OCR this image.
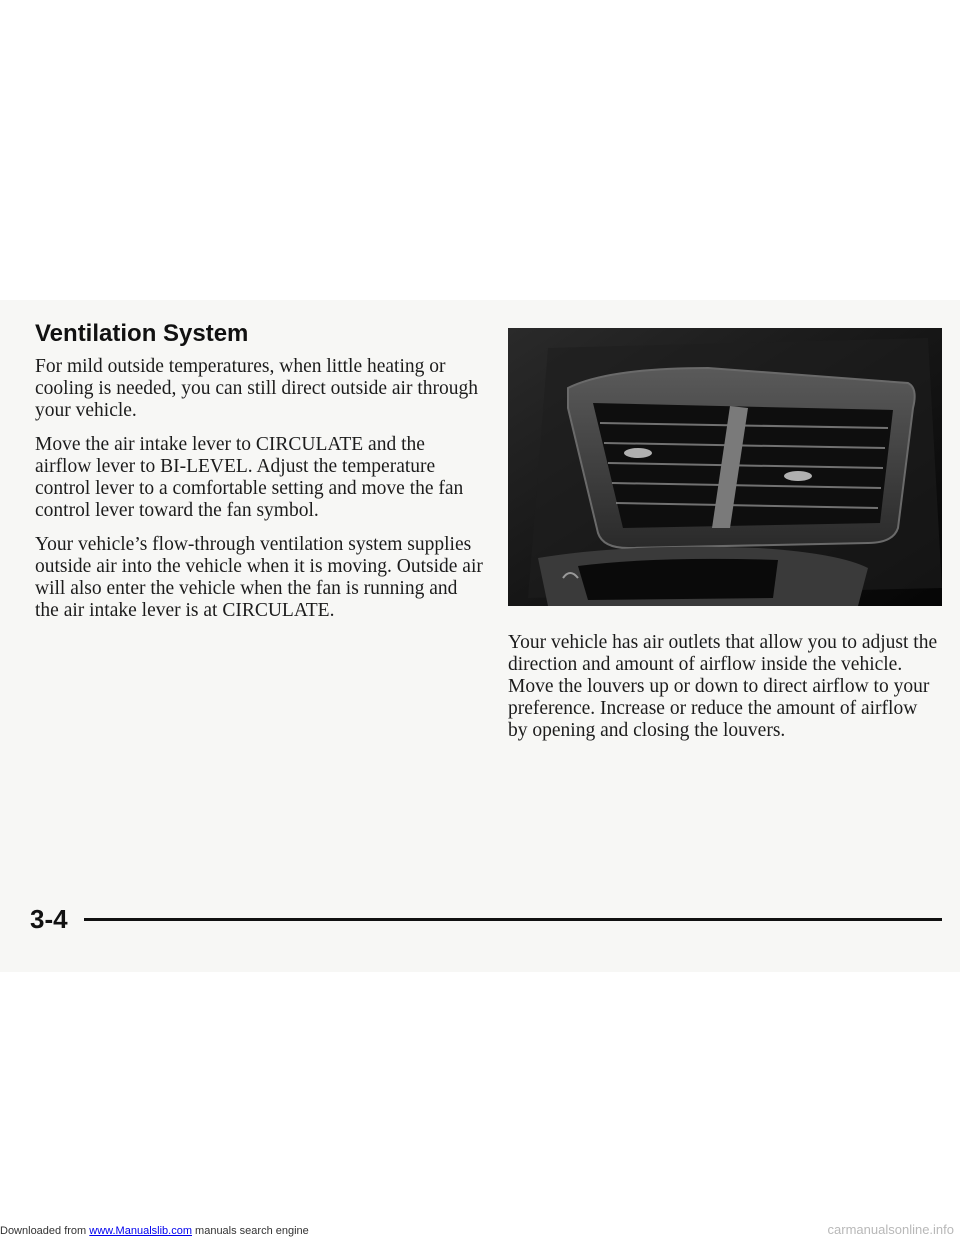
Ventilation System

For mild outside temperatures, when little heating or cooling is needed, you can still direct outside air through your vehicle.

Move the air intake lever to CIRCULATE and the airflow lever to BI-LEVEL. Adjust the temperature control lever to a comfortable setting and move the fan control lever toward the fan symbol.

Your vehicle’s flow-through ventilation system supplies outside air into the vehicle when it is moving. Outside air will also enter the vehicle when the fan is running and the air intake lever is at CIRCULATE.

Your vehicle has air outlets that allow you to adjust the direction and amount of airflow inside the vehicle. Move the louvers up or down to direct airflow to your preference. Increase or reduce the amount of airflow by opening and closing the louvers.

3-4
Downloaded from www.Manualslib.com manuals search engine	carmanualsonline.info
